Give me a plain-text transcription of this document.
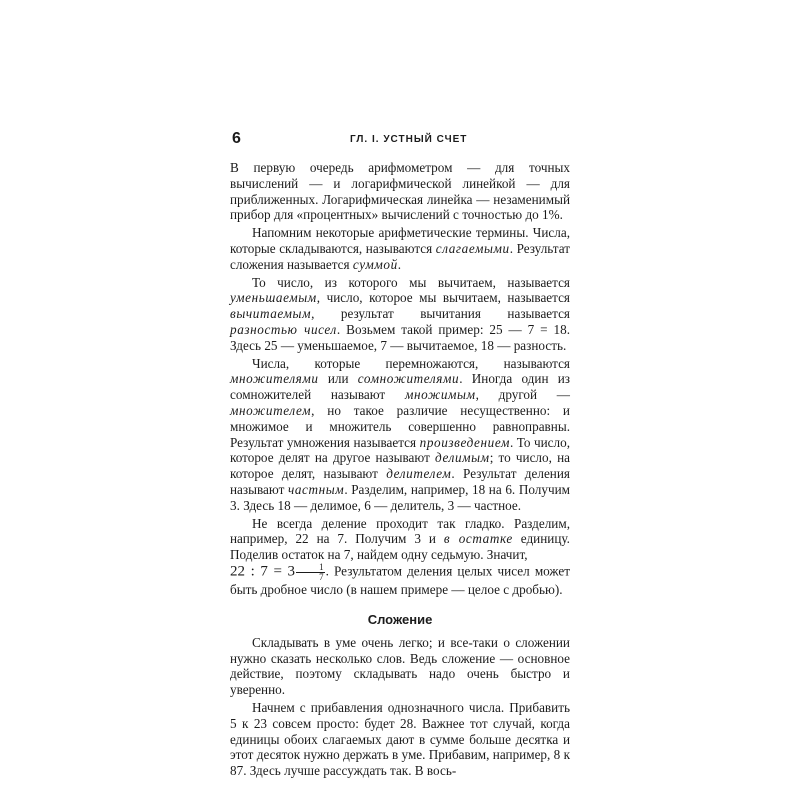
6	ГЛ. I. УСТНЫЙ СЧЕТ

В первую очередь арифмометром — для точных вычислений — и логарифмической линейкой — для приближенных. Логарифмическая линейка — незаменимый прибор для «процентных» вычислений с точностью до 1%.

Напомним некоторые арифметические термины. Числа, которые складываются, называются слагаемыми. Результат сложения называется суммой.

То число, из которого мы вычитаем, называется уменьшаемым, число, которое мы вычитаем, называется вычитаемым, результат вычитания называется разностью чисел. Возьмем такой пример: 25 — 7 = 18. Здесь 25 — уменьшаемое, 7 — вычитаемое, 18 — разность.

Числа, которые перемножаются, называются множителями или сомножителями. Иногда один из сомножителей называют множимым, другой — множителем, но такое различие несущественно: и множимое и множитель совершенно равноправны. Результат умножения называется произведением. То число, которое делят на другое называют делимым; то число, на которое делят, называют делителем. Результат деления называют частным. Разделим, например, 18 на 6. Получим 3. Здесь 18 — делимое, 6 — делитель, 3 — частное.

Не всегда деление проходит так гладко. Разделим, например, 22 на 7. Получим 3 и в остатке единицу. Поделив остаток на 7, найдем одну седьмую. Значит,
22 : $7 = 3 \frac{1}{7}$ . Результатом деления целых чисел может быть дробное число (в нашем примере — целое с дробью).

Сложение

Складывать в уме очень легко; и все-таки о сложении нужно сказать несколько слов. Ведь сложение — основное действие, поэтому складывать надо очень быстро и уверенно.

Начнем с прибавления однозначного числа. Прибавить 5 к 23 совсем просто: будет 28. Важнее тот случай, когда единицы обоих слагаемых дают в сумме больше десятка и этот десяток нужно держать в уме. Прибавим, например, 8 к 87. Здесь лучше рассуждать так. В вось-
